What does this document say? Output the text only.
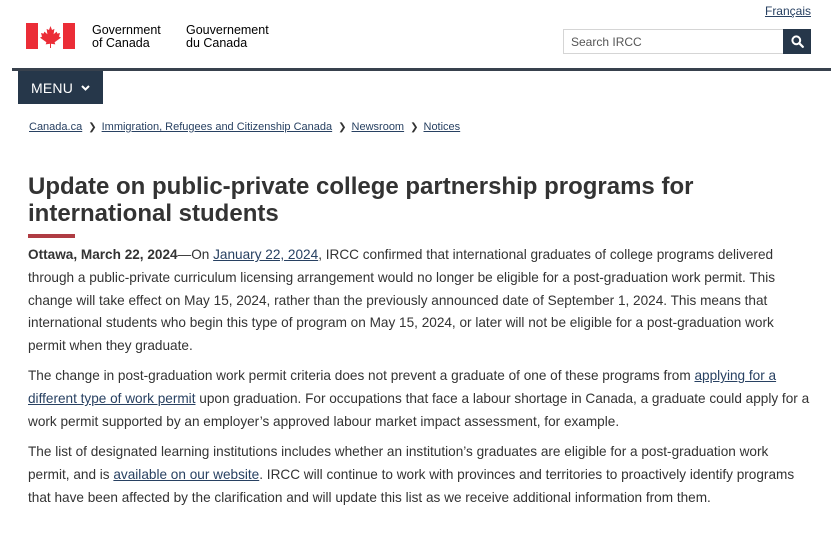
Français
Government
of Canada
Gouvernement
du Canada
Search IRCC
MENU
Canada.ca ❯ Immigration, Refugees and Citizenship Canada ❯ Newsroom ❯ Notices
Update on public-private college partnership programs for international students

Ottawa, March 22, 2024—On January 22, 2024, IRCC confirmed that international graduates of college programs delivered through a public-private curriculum licensing arrangement would no longer be eligible for a post-graduation work permit. This change will take effect on May 15, 2024, rather than the previously announced date of September 1, 2024. This means that international students who begin this type of program on May 15, 2024, or later will not be eligible for a post-graduation work permit when they graduate.

The change in post-graduation work permit criteria does not prevent a graduate of one of these programs from applying for a different type of work permit upon graduation. For occupations that face a labour shortage in Canada, a graduate could apply for a work permit supported by an employer’s approved labour market impact assessment, for example.

The list of designated learning institutions includes whether an institution’s graduates are eligible for a post-graduation work permit, and is available on our website. IRCC will continue to work with provinces and territories to proactively identify programs that have been affected by the clarification and will update this list as we receive additional information from them.
